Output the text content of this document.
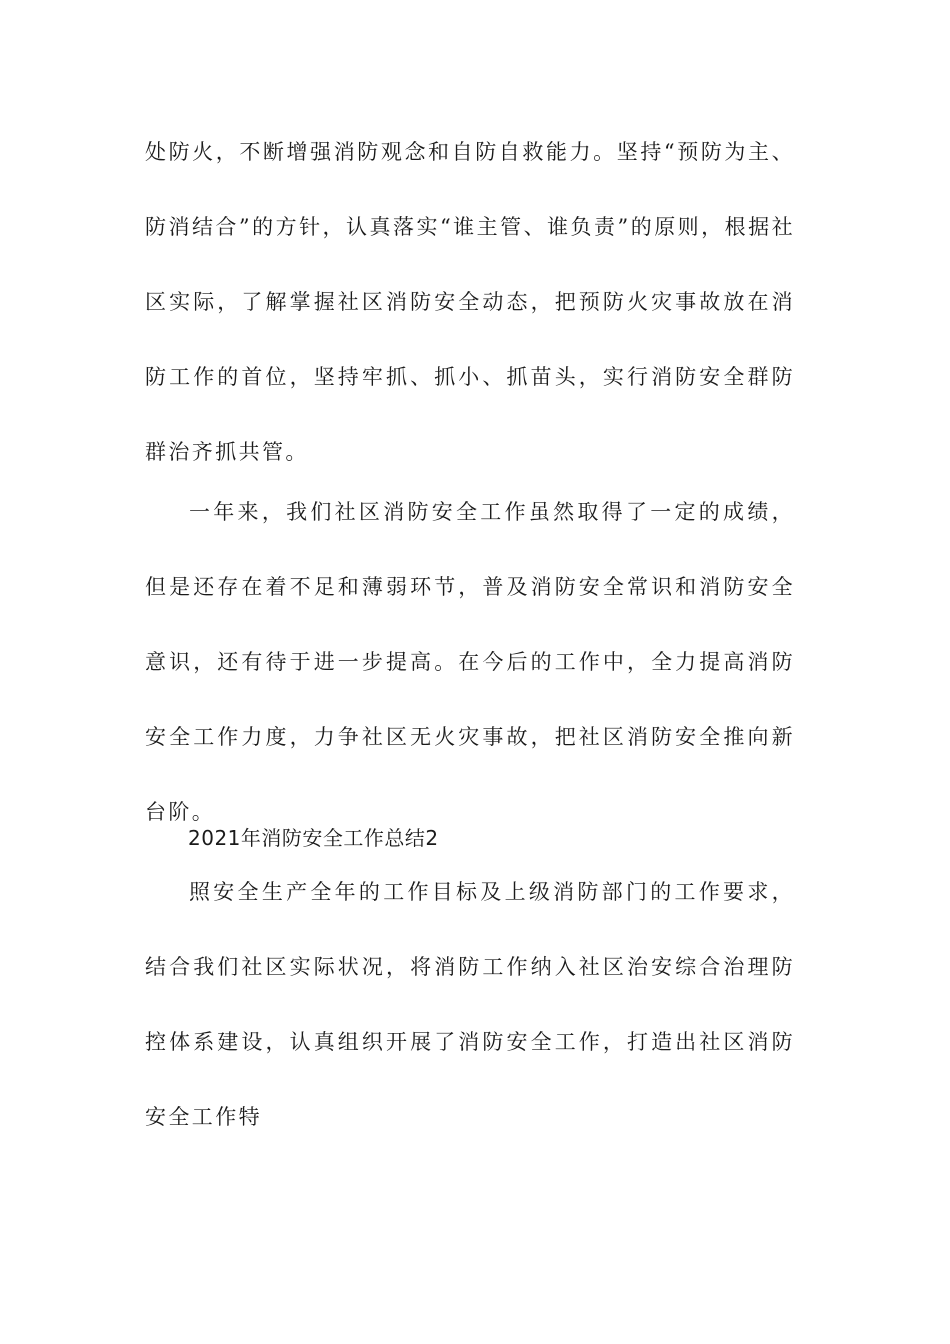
处防火，不断增强消防观念和自防自救能力。坚持“预防为主、防消结合”的方针，认真落实“谁主管、谁负责”的原则，根据社区实际，了解掌握社区消防安全动态，把预防火灾事故放在消防工作的首位，坚持牢抓、抓小、抓苗头，实行消防安全群防群治齐抓共管。
一年来，我们社区消防安全工作虽然取得了一定的成绩，但是还存在着不足和薄弱环节，普及消防安全常识和消防安全意识，还有待于进一步提高。在今后的工作中，全力提高消防安全工作力度，力争社区无火灾事故，把社区消防安全推向新台阶。
2021年消防安全工作总结2
照安全生产全年的工作目标及上级消防部门的工作要求，结合我们社区实际状况，将消防工作纳入社区治安综合治理防控体系建设，认真组织开展了消防安全工作，打造出社区消防安全工作特
